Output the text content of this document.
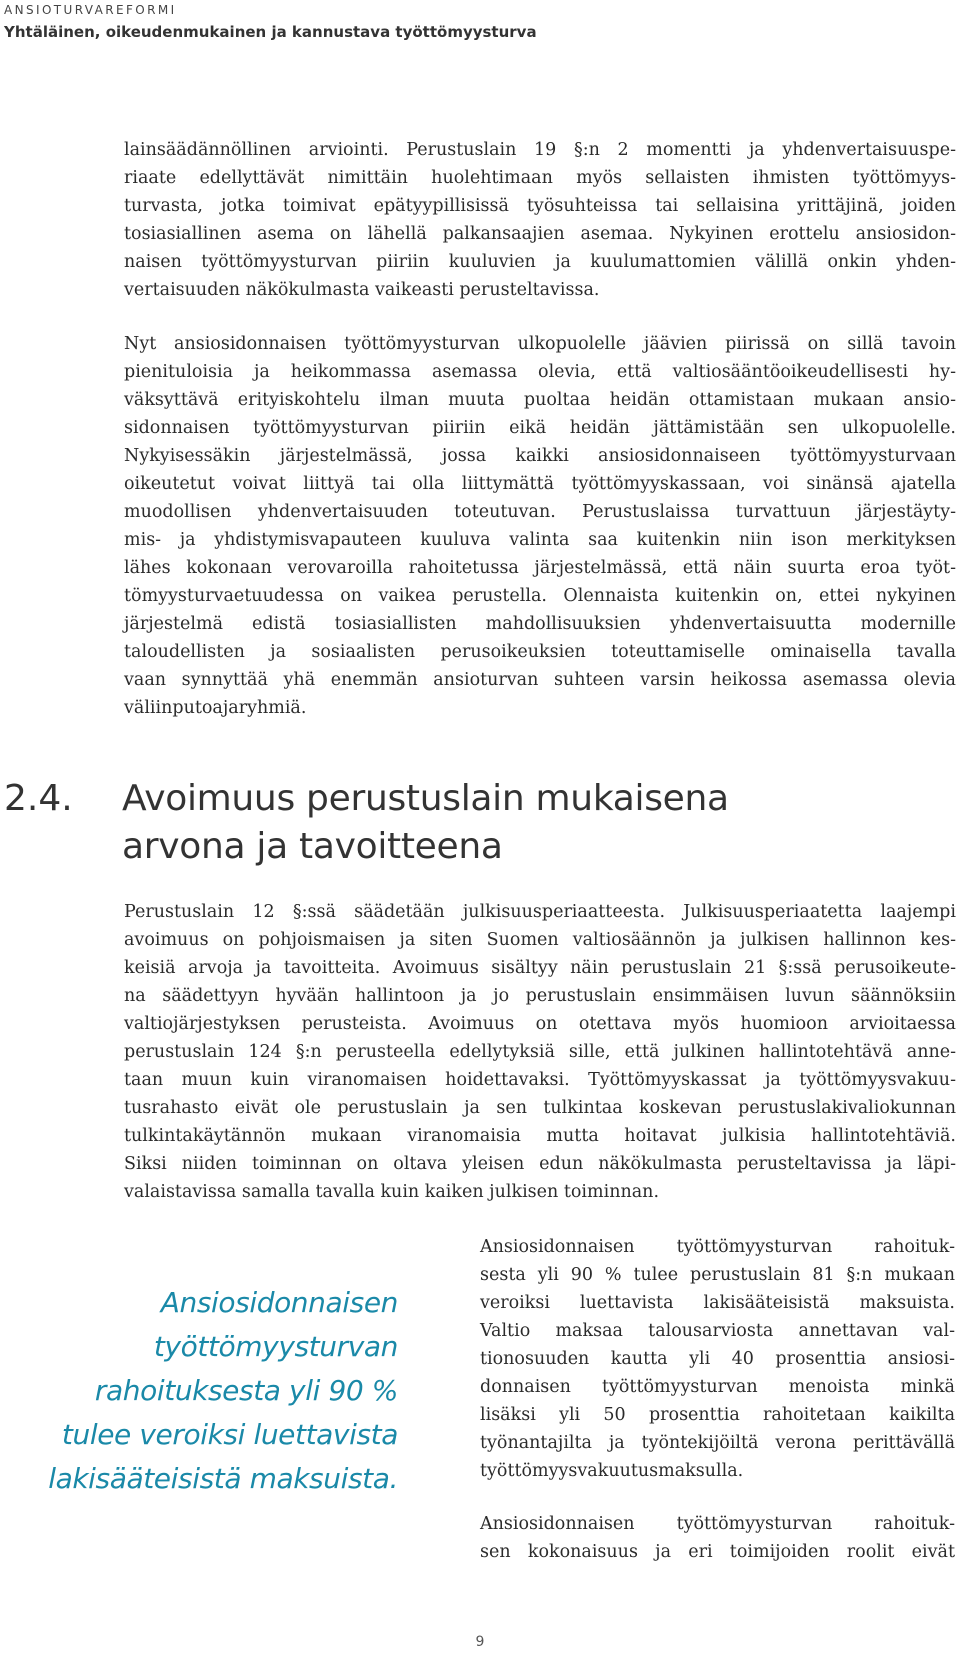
ANSIOTURVAREFORMI
Yhtäläinen, oikeudenmukainen ja kannustava työttömyysturva
lainsäädännöllinen arviointi. Perustuslain 19 §:n 2 momentti ja yhdenvertaisuuspe-
riaate edellyttävät nimittäin huolehtimaan myös sellaisten ihmisten työttömyys-
turvasta, jotka toimivat epätyypillisissä työsuhteissa tai sellaisina yrittäjinä, joiden
tosiasiallinen asema on lähellä palkansaajien asemaa. Nykyinen erottelu ansiosidon-
naisen työttömyysturvan piiriin kuuluvien ja kuulumattomien välillä onkin yhden-
vertaisuuden näkökulmasta vaikeasti perusteltavissa.
Nyt ansiosidonnaisen työttömyysturvan ulkopuolelle jäävien piirissä on sillä tavoin
pienituloisia ja heikommassa asemassa olevia, että valtiosääntöoikeudellisesti hy-
väksyttävä erityiskohtelu ilman muuta puoltaa heidän ottamistaan mukaan ansio-
sidonnaisen työttömyysturvan piiriin eikä heidän jättämistään sen ulkopuolelle.
Nykyisessäkin järjestelmässä, jossa kaikki ansiosidonnaiseen työttömyysturvaan
oikeutetut voivat liittyä tai olla liittymättä työttömyyskassaan, voi sinänsä ajatella
muodollisen yhdenvertaisuuden toteutuvan. Perustuslaissa turvattuun järjestäyty-
mis- ja yhdistymisvapauteen kuuluva valinta saa kuitenkin niin ison merkityksen
lähes kokonaan verovaroilla rahoitetussa järjestelmässä, että näin suurta eroa työt-
tömyysturvaetuudessa on vaikea perustella. Olennaista kuitenkin on, ettei nykyinen
järjestelmä edistä tosiasiallisten mahdollisuuksien yhdenvertaisuutta modernille
taloudellisten ja sosiaalisten perusoikeuksien toteuttamiselle ominaisella tavalla
vaan synnyttää yhä enemmän ansioturvan suhteen varsin heikossa asemassa olevia
väliinputoajaryhmiä.
2.4. Avoimuus perustuslain mukaisena
arvona ja tavoitteena
Perustuslain 12 §:ssä säädetään julkisuusperiaatteesta. Julkisuusperiaatetta laajempi
avoimuus on pohjoismaisen ja siten Suomen valtiosäännön ja julkisen hallinnon kes-
keisiä arvoja ja tavoitteita. Avoimuus sisältyy näin perustuslain 21 §:ssä perusoikeute-
na säädettyyn hyvään hallintoon ja jo perustuslain ensimmäisen luvun säännöksiin
valtiojärjestyksen perusteista. Avoimuus on otettava myös huomioon arvioitaessa
perustuslain 124 §:n perusteella edellytyksiä sille, että julkinen hallintotehtävä anne-
taan muun kuin viranomaisen hoidettavaksi. Työttömyyskassat ja työttömyysvakuu-
tusrahasto eivät ole perustuslain ja sen tulkintaa koskevan perustuslakivaliokunnan
tulkintakäytännön mukaan viranomaisia mutta hoitavat julkisia hallintotehtäviä.
Siksi niiden toiminnan on oltava yleisen edun näkökulmasta perusteltavissa ja läpi-
valaistavissa samalla tavalla kuin kaiken julkisen toiminnan.
Ansiosidonnaisen
työttömyysturvan
rahoituksesta yli 90 %
tulee veroiksi luettavista
lakisääteisistä maksuista.
Ansiosidonnaisen työttömyysturvan rahoituk-
sesta yli 90 % tulee perustuslain 81 §:n mukaan
veroiksi luettavista lakisääteisistä maksuista.
Valtio maksaa talousarviosta annettavan val-
tionosuuden kautta yli 40 prosenttia ansiosi-
donnaisen työttömyysturvan menoista minkä
lisäksi yli 50 prosenttia rahoitetaan kaikilta
työnantajilta ja työntekijöiltä verona perittävällä
työttömyysvakuutusmaksulla.
Ansiosidonnaisen työttömyysturvan rahoituk-
sen kokonaisuus ja eri toimijoiden roolit eivät
9
